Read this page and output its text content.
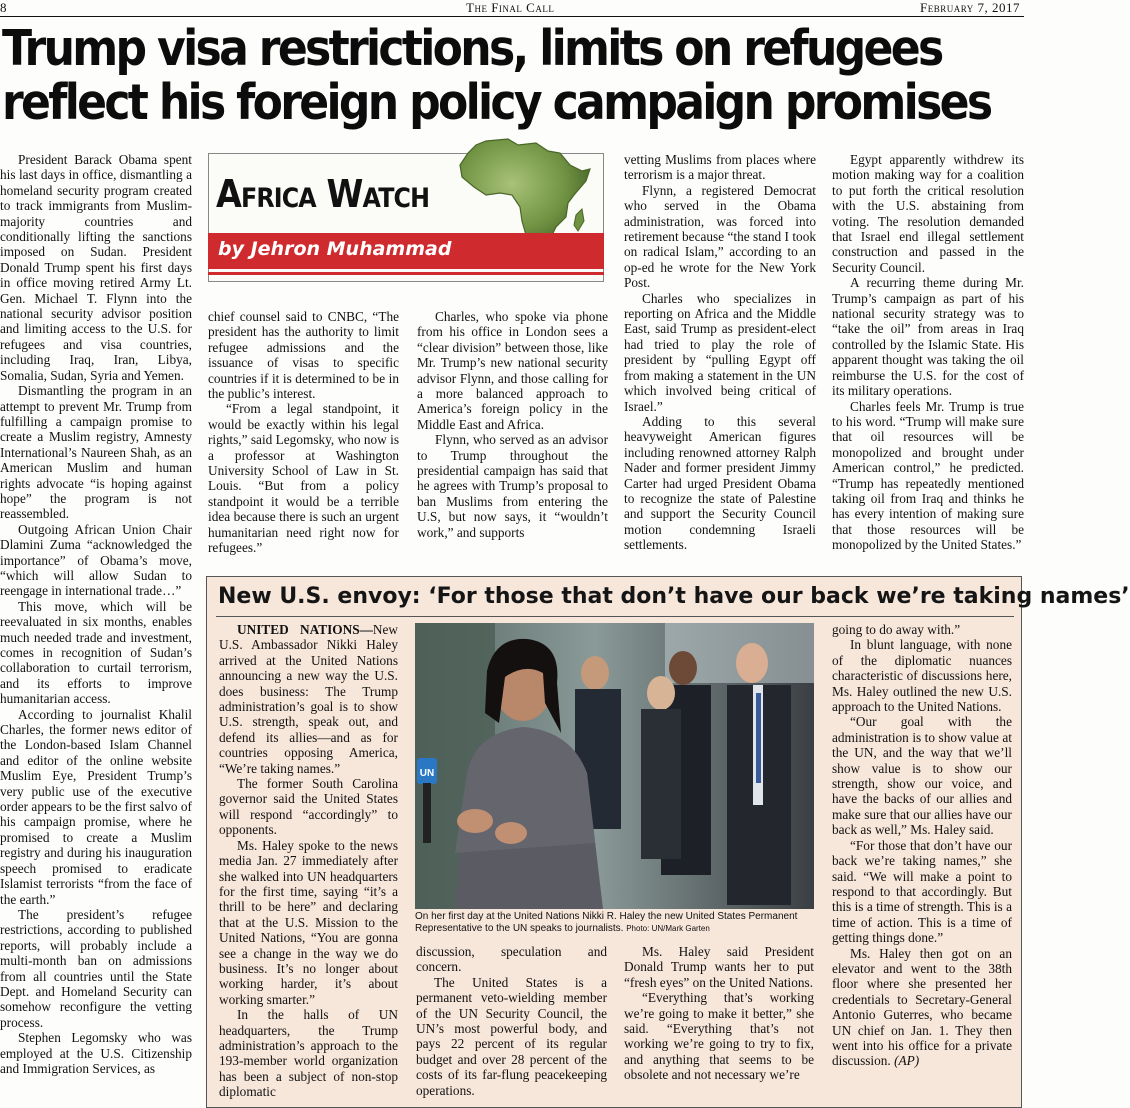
8	The Final Call	February 7, 2017
Trump visa restrictions, limits on refugees
reflect his foreign policy campaign promises
Africa Watch
by Jehron Muhammad

President Barack Obama spent his last days in office, dismantling a homeland security program created to track immigrants from Muslim-majority countries and conditionally lifting the sanctions imposed on Sudan. President Donald Trump spent his first days in office moving retired Army Lt. Gen. Michael T. Flynn into the national security advisor position and limiting access to the U.S. for refugees and visa countries, including Iraq, Iran, Libya, Somalia, Sudan, Syria and Yemen.

Dismantling the program in an attempt to prevent Mr. Trump from fulfilling a campaign promise to create a Muslim registry, Amnesty International’s Naureen Shah, as an American Muslim and human rights advocate “is hoping against hope” the program is not reassembled.

Outgoing African Union Chair Dlamini Zuma “acknowledged the importance” of Obama’s move, “which will allow Sudan to reengage in international trade…”

This move, which will be reevaluated in six months, enables much needed trade and investment, comes in recognition of Sudan’s collaboration to curtail terrorism, and its efforts to improve humanitarian access.

According to journalist Khalil Charles, the former news editor of the London-based Islam Channel and editor of the online website Muslim Eye, President Trump’s very public use of the executive order appears to be the first salvo of his campaign promise, where he promised to create a Muslim registry and during his inauguration speech promised to eradicate Islamist terrorists “from the face of the earth.”

The president’s refugee restrictions, according to published reports, will probably include a multi-month ban on admissions from all countries until the State Dept. and Homeland Security can somehow reconfigure the vetting process.

Stephen Legomsky who was employed at the U.S. Citizenship and Immigration Services, as

chief counsel said to CNBC, “The president has the authority to limit refugee admissions and the issuance of visas to specific countries if it is determined to be in the public’s interest.

“From a legal standpoint, it would be exactly within his legal rights,” said Legomsky, who now is a professor at Washington University School of Law in St. Louis. “But from a policy standpoint it would be a terrible idea because there is such an urgent humanitarian need right now for refugees.”

Charles, who spoke via phone from his office in London sees a “clear division” between those, like Mr. Trump’s new national security advisor Flynn, and those calling for a more balanced approach to America’s foreign policy in the Middle East and Africa.

Flynn, who served as an advisor to Trump throughout the presidential campaign has said that he agrees with Trump’s proposal to ban Muslims from entering the U.S, but now says, it “wouldn’t work,” and supports

vetting Muslims from places where terrorism is a major threat.

Flynn, a registered Democrat who served in the Obama administration, was forced into retirement because “the stand I took on radical Islam,” according to an op-ed he wrote for the New York Post.

Charles who specializes in reporting on Africa and the Middle East, said Trump as president-elect had tried to play the role of president by “pulling Egypt off from making a statement in the UN which involved being critical of Israel.”

Adding to this several heavyweight American figures including renowned attorney Ralph Nader and former president Jimmy Carter had urged President Obama to recognize the state of Palestine and support the Security Council motion condemning Israeli settlements.

Egypt apparently withdrew its motion making way for a coalition to put forth the critical resolution with the U.S. abstaining from voting. The resolution demanded that Israel end illegal settlement construction and passed in the Security Council.

A recurring theme during Mr. Trump’s campaign as part of his national security strategy was to “take the oil” from areas in Iraq controlled by the Islamic State. His apparent thought was taking the oil reimburse the U.S. for the cost of its military operations.

Charles feels Mr. Trump is true to his word. “Trump will make sure that oil resources will be monopolized and brought under American control,” he predicted. “Trump has repeatedly mentioned taking oil from Iraq and thinks he has every intention of making sure that those resources will be monopolized by the United States.”

New U.S. envoy: ‘For those that don’t have our back we’re taking names’

UNITED NATIONS—New U.S. Ambassador Nikki Haley arrived at the United Nations announcing a new way the U.S. does business: The Trump administration’s goal is to show U.S. strength, speak out, and defend its allies—and as for countries opposing America, “We’re taking names.”

The former South Carolina governor said the United States will respond “accordingly” to opponents.

Ms. Haley spoke to the news media Jan. 27 immediately after she walked into UN headquarters for the first time, saying “it’s a thrill to be here” and declaring that at the U.S. Mission to the United Nations, “You are gonna see a change in the way we do business. It’s no longer about working harder, it’s about working smarter.”

In the halls of UN headquarters, the Trump administration’s approach to the 193-member world organization has been a subject of non-stop diplomatic

UN
On her first day at the United Nations Nikki R. Haley the new United States Permanent Representative to the UN speaks to journalists. Photo: UN/Mark Garten

discussion, speculation and concern.

The United States is a permanent veto-wielding member of the UN Security Council, the UN’s most powerful body, and pays 22 percent of its regular budget and over 28 percent of the costs of its far-flung peacekeeping operations.

Ms. Haley said President Donald Trump wants her to put “fresh eyes” on the United Nations.

“Everything that’s working we’re going to make it better,” she said. “Everything that’s not working we’re going to try to fix, and anything that seems to be obsolete and not necessary we’re

going to do away with.”

In blunt language, with none of the diplomatic nuances characteristic of discussions here, Ms. Haley outlined the new U.S. approach to the United Nations.

“Our goal with the administration is to show value at the UN, and the way that we’ll show value is to show our strength, show our voice, and have the backs of our allies and make sure that our allies have our back as well,” Ms. Haley said.

“For those that don’t have our back we’re taking names,” she said. “We will make a point to respond to that accordingly. But this is a time of strength. This is a time of action. This is a time of getting things done.”

Ms. Haley then got on an elevator and went to the 38th floor where she presented her credentials to Secretary-General Antonio Guterres, who became UN chief on Jan. 1. They then went into his office for a private discussion. (AP)
